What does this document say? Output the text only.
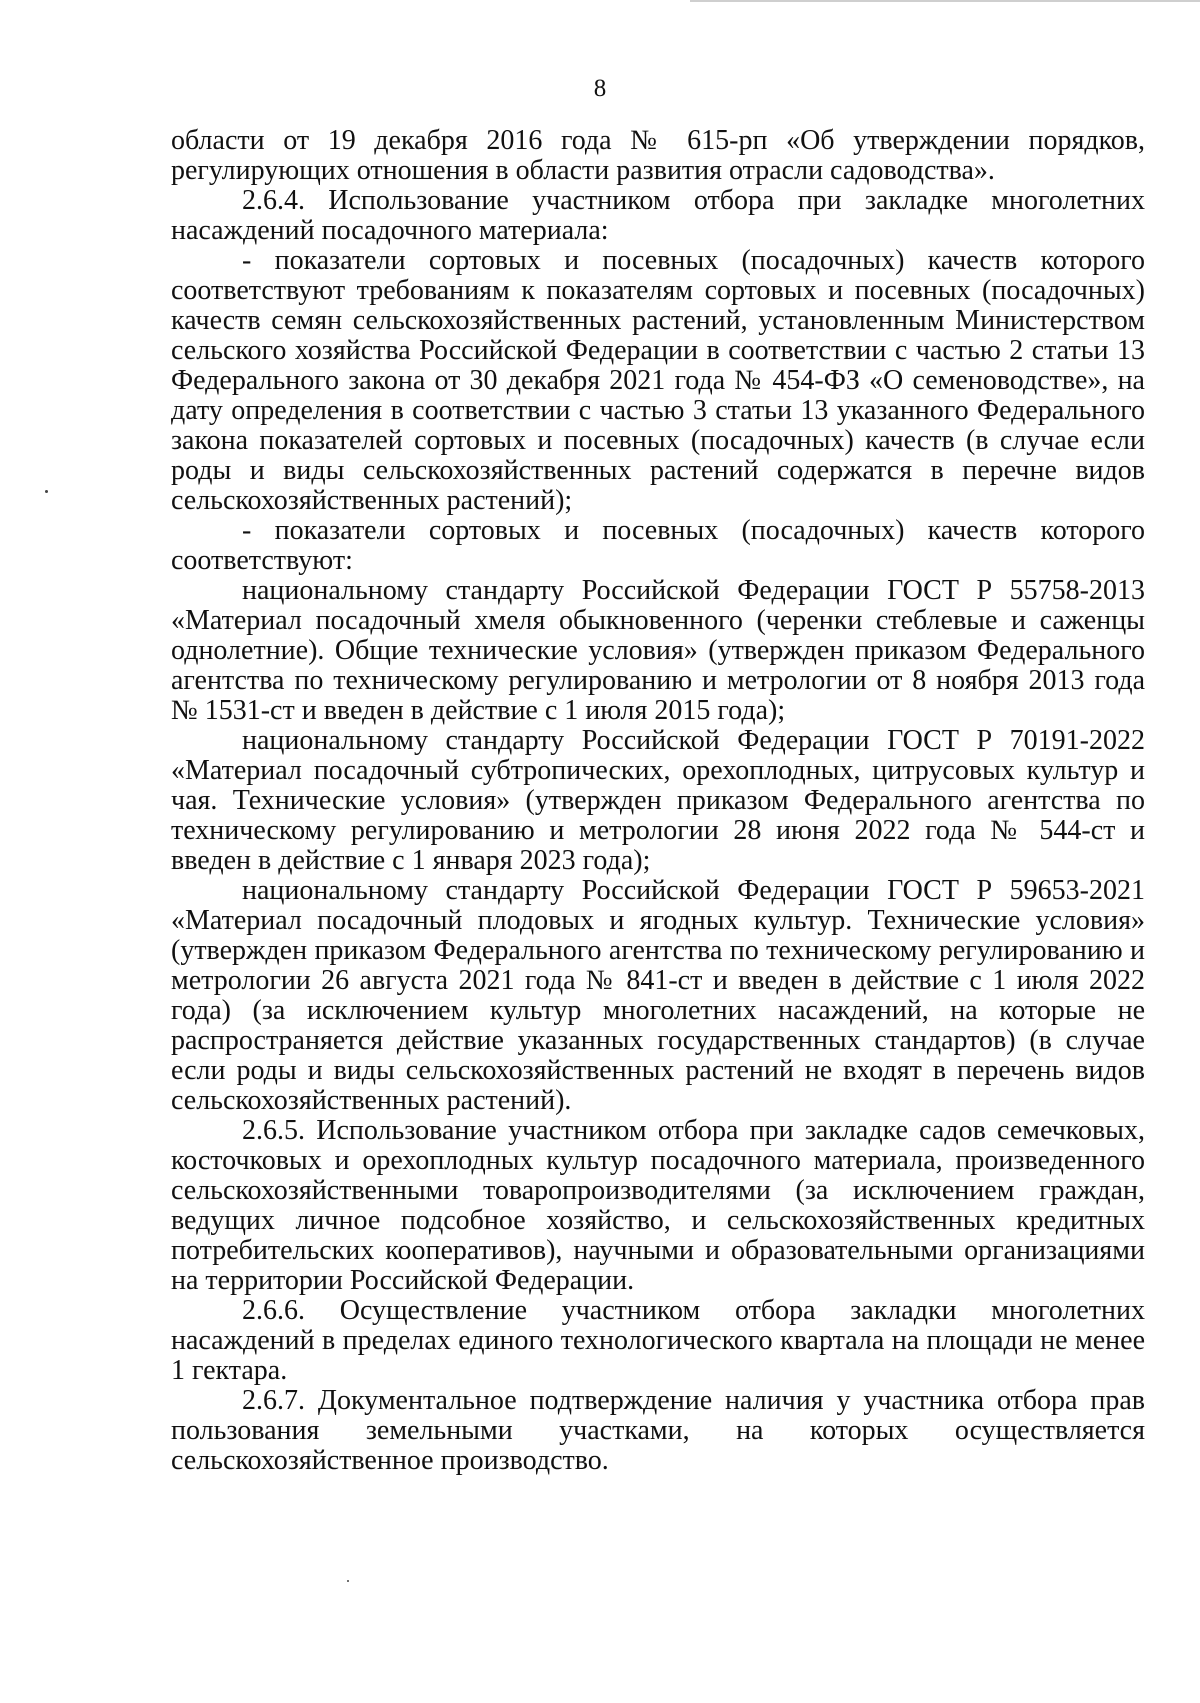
8

области от 19 декабря 2016 года № 615-рп «Об утверждении порядков, регулирующих отношения в области развития отрасли садоводства».

2.6.4. Использование участником отбора при закладке многолетних насаждений посадочного материала:

- показатели сортовых и посевных (посадочных) качеств которого соответствуют требованиям к показателям сортовых и посевных (посадочных) качеств семян сельскохозяйственных растений, установленным Министерством сельского хозяйства Российской Федерации в соответствии с частью 2 статьи 13 Федерального закона от 30 декабря 2021 года № 454-ФЗ «О семеноводстве», на дату определения в соответствии с частью 3 статьи 13 указанного Федерального закона показателей сортовых и посевных (посадочных) качеств (в случае если роды и виды сельскохозяйственных растений содержатся в перечне видов сельскохозяйственных растений);

- показатели сортовых и посевных (посадочных) качеств которого соответствуют:

национальному стандарту Российской Федерации ГОСТ Р 55758-2013 «Материал посадочный хмеля обыкновенного (черенки стеблевые и саженцы однолетние). Общие технические условия» (утвержден приказом Федерального агентства по техническому регулированию и метрологии от 8 ноября 2013 года № 1531-ст и введен в действие с 1 июля 2015 года);

национальному стандарту Российской Федерации ГОСТ Р 70191-2022 «Материал посадочный субтропических, орехоплодных, цитрусовых культур и чая. Технические условия» (утвержден приказом Федерального агентства по техническому регулированию и метрологии 28 июня 2022 года № 544-ст и введен в действие с 1 января 2023 года);

национальному стандарту Российской Федерации ГОСТ Р 59653-2021 «Материал посадочный плодовых и ягодных культур. Технические условия» (утвержден приказом Федерального агентства по техническому регулированию и метрологии 26 августа 2021 года № 841-ст и введен в действие с 1 июля 2022 года) (за исключением культур многолетних насаждений, на которые не распространяется действие указанных государственных стандартов) (в случае если роды и виды сельскохозяйственных растений не входят в перечень видов сельскохозяйственных растений).

2.6.5. Использование участником отбора при закладке садов семечковых, косточковых и орехоплодных культур посадочного материала, произведенного сельскохозяйственными товаропроизводителями (за исключением граждан, ведущих личное подсобное хозяйство, и сельскохозяйственных кредитных потребительских кооперативов), научными и образовательными организациями на территории Российской Федерации.

2.6.6. Осуществление участником отбора закладки многолетних насаждений в пределах единого технологического квартала на площади не менее 1 гектара.

2.6.7. Документальное подтверждение наличия у участника отбора прав пользования земельными участками, на которых осуществляется сельскохозяйственное производство.
